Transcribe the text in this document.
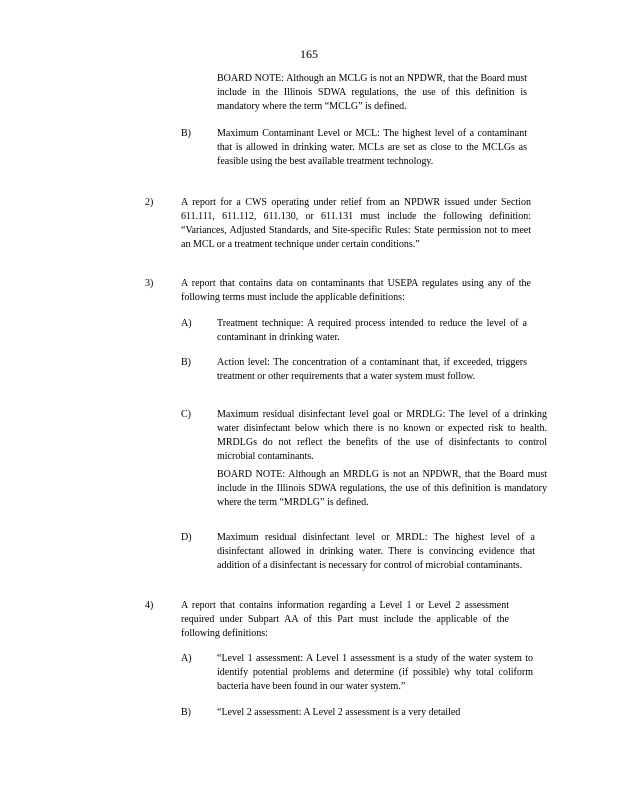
165
BOARD NOTE: Although an MCLG is not an NPDWR, that the Board must include in the Illinois SDWA regulations, the use of this definition is mandatory where the term “MCLG” is defined.
B)	Maximum Contaminant Level or MCL: The highest level of a contaminant that is allowed in drinking water. MCLs are set as close to the MCLGs as feasible using the best available treatment technology.
2)	A report for a CWS operating under relief from an NPDWR issued under Section 611.111, 611.112, 611.130, or 611.131 must include the following definition: “Variances, Adjusted Standards, and Site-specific Rules: State permission not to meet an MCL or a treatment technique under certain conditions.”
3)	A report that contains data on contaminants that USEPA regulates using any of the following terms must include the applicable definitions:
A)	Treatment technique: A required process intended to reduce the level of a contaminant in drinking water.
B)	Action level: The concentration of a contaminant that, if exceeded, triggers treatment or other requirements that a water system must follow.
C)	Maximum residual disinfectant level goal or MRDLG: The level of a drinking water disinfectant below which there is no known or expected risk to health. MRDLGs do not reflect the benefits of the use of disinfectants to control microbial contaminants.
BOARD NOTE: Although an MRDLG is not an NPDWR, that the Board must include in the Illinois SDWA regulations, the use of this definition is mandatory where the term “MRDLG” is defined.
D)	Maximum residual disinfectant level or MRDL: The highest level of a disinfectant allowed in drinking water. There is convincing evidence that addition of a disinfectant is necessary for control of microbial contaminants.
4)	A report that contains information regarding a Level 1 or Level 2 assessment required under Subpart AA of this Part must include the applicable of the following definitions:
A)	“Level 1 assessment: A Level 1 assessment is a study of the water system to identify potential problems and determine (if possible) why total coliform bacteria have been found in our water system.”
B)	“Level 2 assessment: A Level 2 assessment is a very detailed
